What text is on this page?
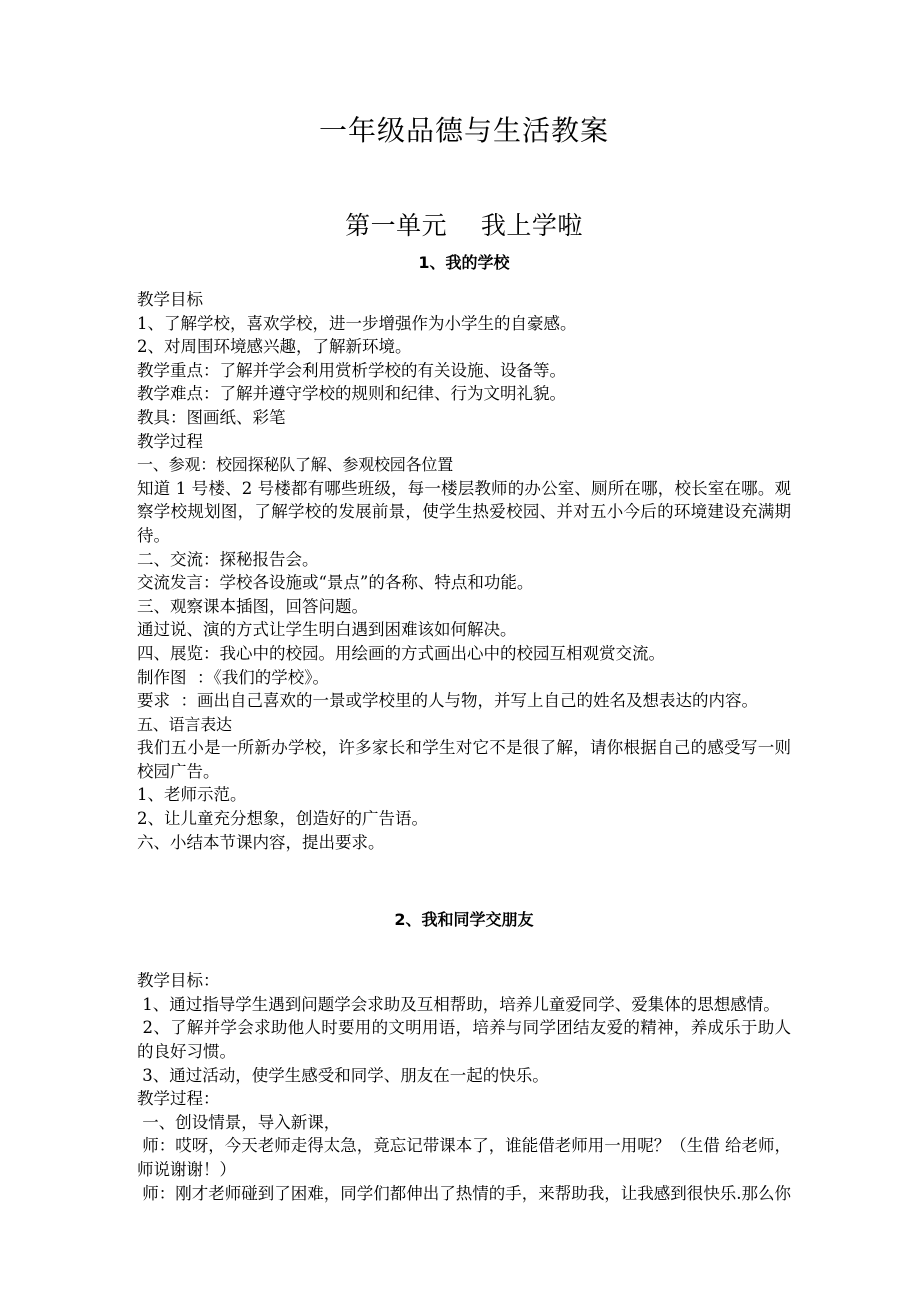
一年级品德与生活教案
第一单元    我上学啦
1、我的学校

教学目标

1、了解学校，喜欢学校，进一步增强作为小学生的自豪感。

2、对周围环境感兴趣，了解新环境。

教学重点：了解并学会利用赏析学校的有关设施、设备等。

教学难点：了解并遵守学校的规则和纪律、行为文明礼貌。

教具：图画纸、彩笔

教学过程

一、参观：校园探秘队了解、参观校园各位置

知道 1 号楼、2 号楼都有哪些班级，每一楼层教师的办公室、厕所在哪，校长室在哪。观察学校规划图，了解学校的发展前景，使学生热爱校园、并对五小今后的环境建设充满期待。

二、交流：探秘报告会。

交流发言：学校各设施或“景点”的各称、特点和功能。

三、观察课本插图，回答问题。

通过说、演的方式让学生明白遇到困难该如何解决。

四、展览：我心中的校园。用绘画的方式画出心中的校园互相观赏交流。

制作图  ：《我们的学校》。

要求  ：画出自己喜欢的一景或学校里的人与物，并写上自己的姓名及想表达的内容。

五、语言表达

我们五小是一所新办学校，许多家长和学生对它不是很了解，请你根据自己的感受写一则校园广告。

1、老师示范。

2、让儿童充分想象，创造好的广告语。

六、小结本节课内容，提出要求。

2、我和同学交朋友

教学目标：

1、通过指导学生遇到问题学会求助及互相帮助，培养儿童爱同学、爱集体的思想感情。

2、了解并学会求助他人时要用的文明用语，培养与同学团结友爱的精神，养成乐于助人的良好习惯。

3、通过活动，使学生感受和同学、朋友在一起的快乐。

教学过程：

一、创设情景，导入新课，

师：哎呀，今天老师走得太急，竟忘记带课本了，谁能借老师用一用呢？（生借 给老师，师说谢谢！）

师：刚才老师碰到了困难，同学们都伸出了热情的手，来帮助我，让我感到很快乐.那么你
